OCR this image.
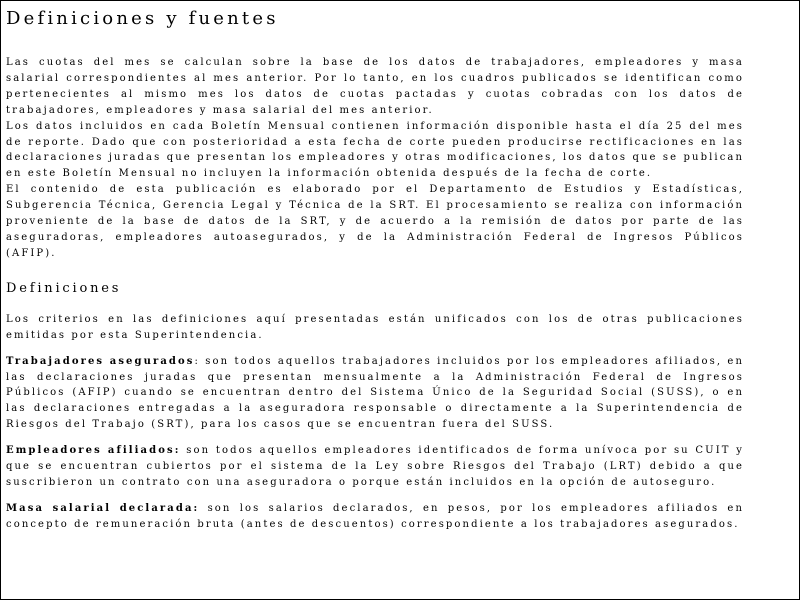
Definiciones y fuentes

Las cuotas del mes se calculan sobre la base de los datos de trabajadores, empleadores y masa salarial correspondientes al mes anterior. Por lo tanto, en los cuadros publicados se identifican como pertenecientes al mismo mes los datos de cuotas pactadas y cuotas cobradas con los datos de trabajadores, empleadores y masa salarial del mes anterior.

Los datos incluidos en cada Boletín Mensual contienen información disponible hasta el día 25 del mes de reporte. Dado que con posterioridad a esta fecha de corte pueden producirse rectificaciones en las declaraciones juradas que presentan los empleadores y otras modificaciones, los datos que se publican en este Boletín Mensual no incluyen la información obtenida después de la fecha de corte.

El contenido de esta publicación es elaborado por el Departamento de Estudios y Estadísticas, Subgerencia Técnica, Gerencia Legal y Técnica de la SRT. El procesamiento se realiza con información proveniente de la base de datos de la SRT, y de acuerdo a la remisión de datos por parte de las aseguradoras, empleadores autoasegurados, y de la Administración Federal de Ingresos Públicos (AFIP).

Definiciones

Los criterios en las definiciones aquí presentadas están unificados con los de otras publicaciones emitidas por esta Superintendencia.

Trabajadores asegurados: son todos aquellos trabajadores incluidos por los empleadores afiliados, en las declaraciones juradas que presentan mensualmente a la Administración Federal de Ingresos Públicos (AFIP) cuando se encuentran dentro del Sistema Único de la Seguridad Social (SUSS), o en las declaraciones entregadas a la aseguradora responsable o directamente a la Superintendencia de Riesgos del Trabajo (SRT), para los casos que se encuentran fuera del SUSS.

Empleadores afiliados: son todos aquellos empleadores identificados de forma unívoca por su CUIT y que se encuentran cubiertos por el sistema de la Ley sobre Riesgos del Trabajo (LRT) debido a que suscribieron un contrato con una aseguradora o porque están incluidos en la opción de autoseguro.

Masa salarial declarada: son los salarios declarados, en pesos, por los empleadores afiliados en concepto de remuneración bruta (antes de descuentos) correspondiente a los trabajadores asegurados.
